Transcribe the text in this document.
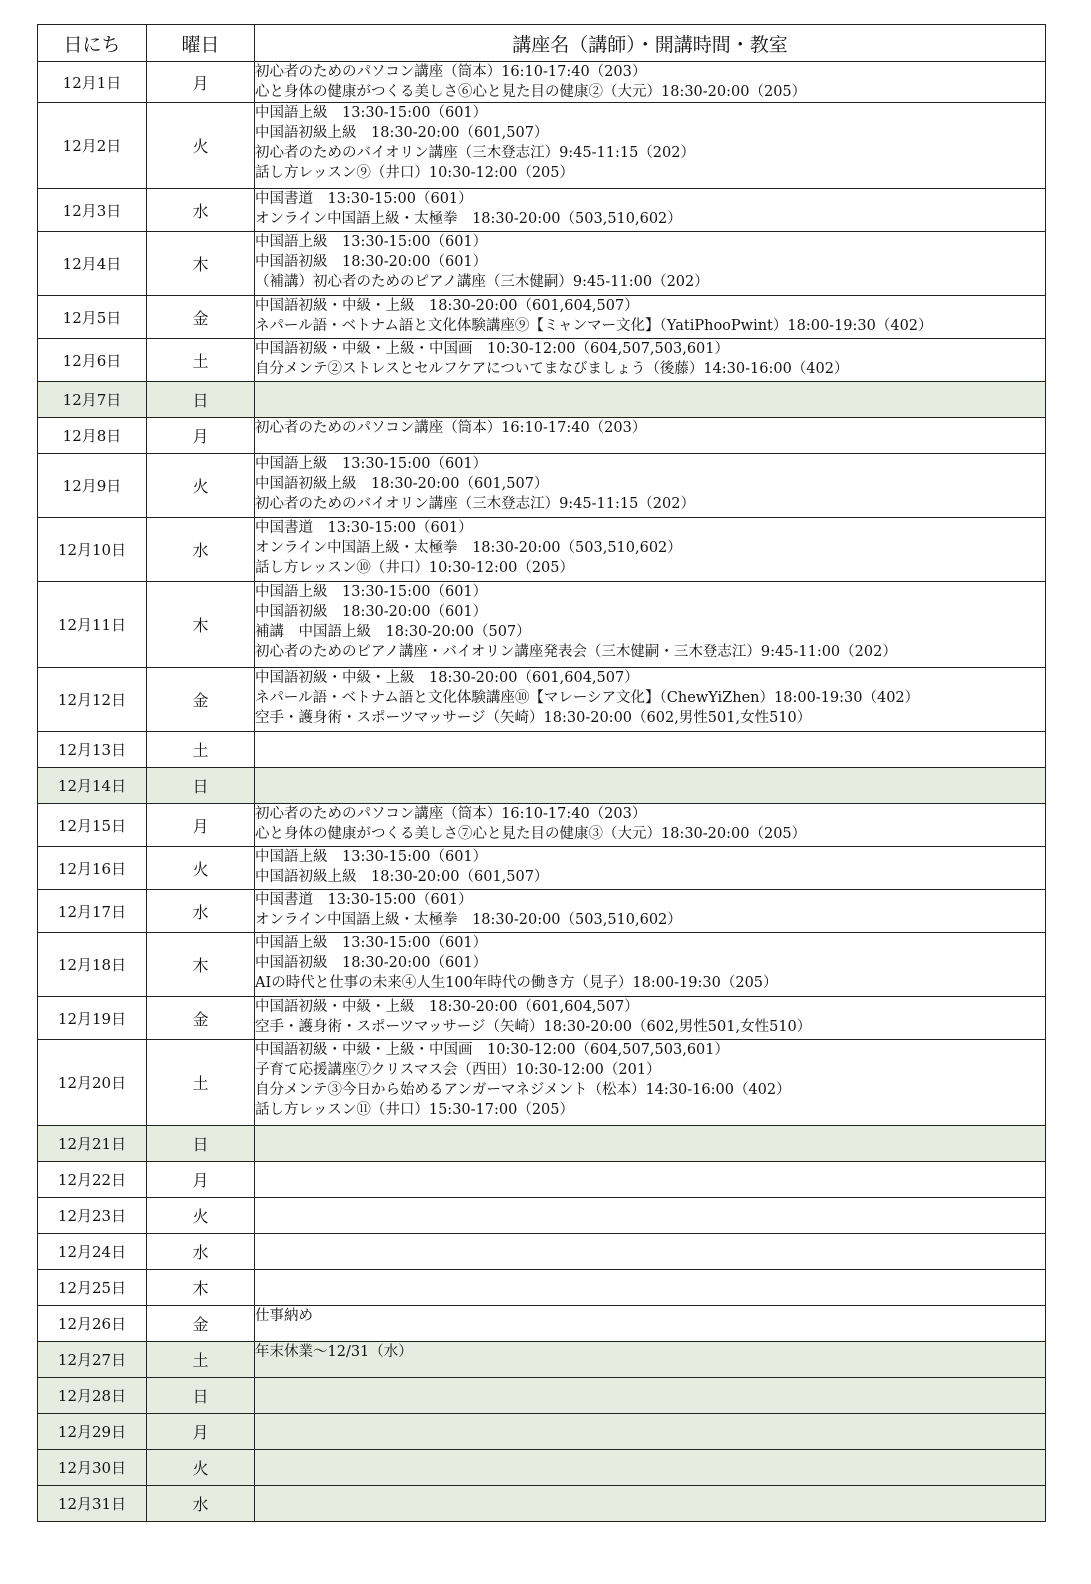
日にち	曜日	講座名（講師）・開講時間・教室
12月1日	月	初心者のためのパソコン講座（筒本）16:10-17:40（203）
心と身体の健康がつくる美しさ⑥心と見た目の健康②（大元）18:30-20:00（205）

12月2日	火	中国語上級　13:30-15:00（601）
中国語初級上級　18:30-20:00（601,507）
初心者のためのバイオリン講座（三木登志江）9:45-11:15（202）
話し方レッスン⑨（井口）10:30-12:00（205）

12月3日	水	中国書道　13:30-15:00（601）
オンライン中国語上級・太極拳　18:30-20:00（503,510,602）

12月4日	木	中国語上級　13:30-15:00（601）
中国語初級　18:30-20:00（601）
（補講）初心者のためのピアノ講座（三木健嗣）9:45-11:00（202）

12月5日	金	中国語初級・中級・上級　18:30-20:00（601,604,507）
ネパール語・ベトナム語と文化体験講座⑨【ミャンマー文化】（YatiPhooPwint）18:00-19:30（402）

12月6日	土	中国語初級・中級・上級・中国画　10:30-12:00（604,507,503,601）
自分メンテ②ストレスとセルフケアについてまなびましょう（後藤）14:30-16:00（402）

12月7日	日	
12月8日	月	初心者のためのパソコン講座（筒本）16:10-17:40（203）

12月9日	火	中国語上級　13:30-15:00（601）
中国語初級上級　18:30-20:00（601,507）
初心者のためのバイオリン講座（三木登志江）9:45-11:15（202）

12月10日	水	中国書道　13:30-15:00（601）
オンライン中国語上級・太極拳　18:30-20:00（503,510,602）
話し方レッスン⑩（井口）10:30-12:00（205）

12月11日	木	中国語上級　13:30-15:00（601）
中国語初級　18:30-20:00（601）
補講　中国語上級　18:30-20:00（507）
初心者のためのピアノ講座・バイオリン講座発表会（三木健嗣・三木登志江）9:45-11:00（202）

12月12日	金	中国語初級・中級・上級　18:30-20:00（601,604,507）
ネパール語・ベトナム語と文化体験講座⑩【マレーシア文化】（ChewYiZhen）18:00-19:30（402）
空手・護身術・スポーツマッサージ（矢崎）18:30-20:00（602,男性501,女性510）

12月13日	土	
12月14日	日	
12月15日	月	初心者のためのパソコン講座（筒本）16:10-17:40（203）
心と身体の健康がつくる美しさ⑦心と見た目の健康③（大元）18:30-20:00（205）

12月16日	火	中国語上級　13:30-15:00（601）
中国語初級上級　18:30-20:00（601,507）

12月17日	水	中国書道　13:30-15:00（601）
オンライン中国語上級・太極拳　18:30-20:00（503,510,602）

12月18日	木	中国語上級　13:30-15:00（601）
中国語初級　18:30-20:00（601）
AIの時代と仕事の未来④人生100年時代の働き方（見子）18:00-19:30（205）

12月19日	金	中国語初級・中級・上級　18:30-20:00（601,604,507）
空手・護身術・スポーツマッサージ（矢崎）18:30-20:00（602,男性501,女性510）

12月20日	土	中国語初級・中級・上級・中国画　10:30-12:00（604,507,503,601）
子育て応援講座⑦クリスマス会（西田）10:30-12:00（201）
自分メンテ③今日から始めるアンガーマネジメント（松本）14:30-16:00（402）
話し方レッスン⑪（井口）15:30-17:00（205）

12月21日	日	
12月22日	月	
12月23日	火	
12月24日	水	
12月25日	木	
12月26日	金	仕事納め

12月27日	土	年末休業～12/31（水）

12月28日	日	
12月29日	月	
12月30日	火	
12月31日	水	
